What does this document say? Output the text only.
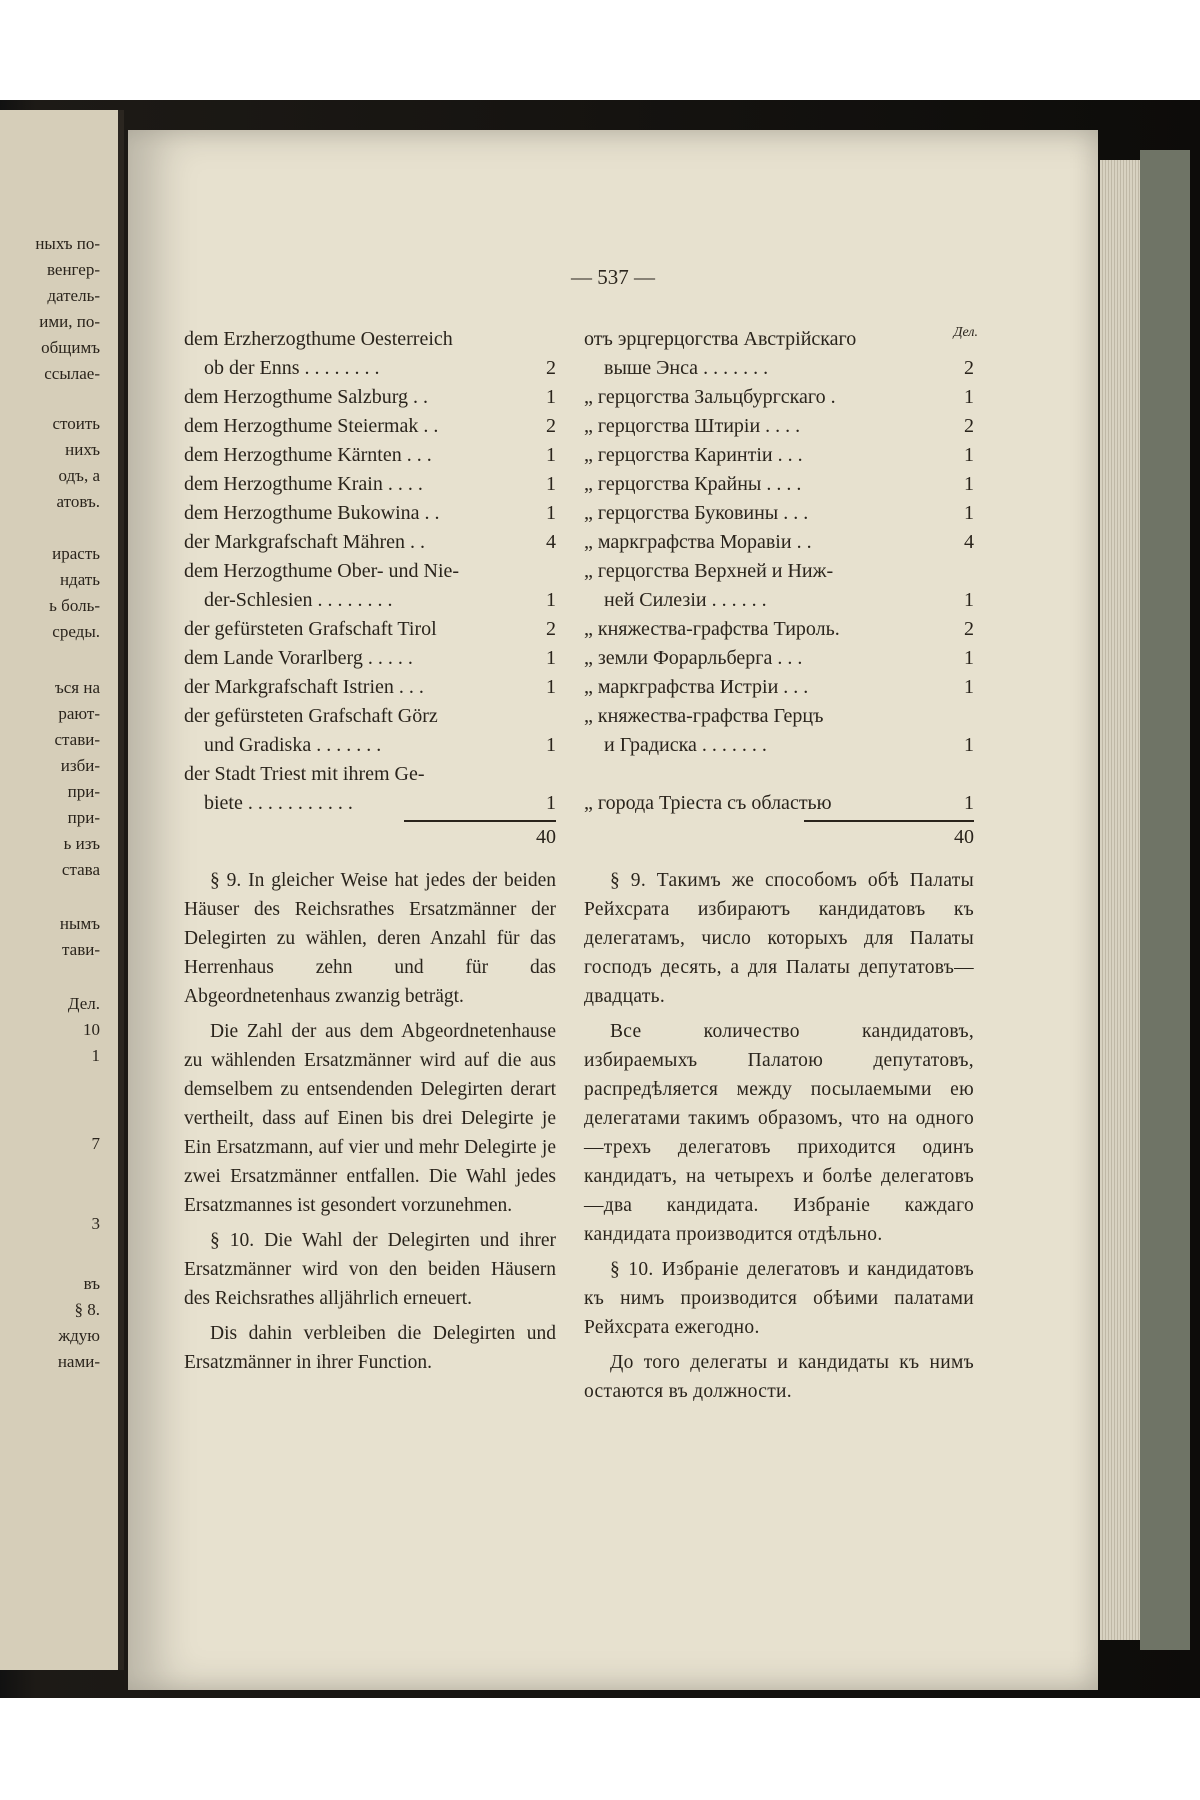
ныхъ по-
венгер-
датель-
ими, по-
общимъ
ссылае-
стоить
нихъ
одъ, а
атовъ.
ирасть
ндать
ь боль-
среды.
ъся на
рают-
стави-
изби-
при-
при-
ь изъ
става
нымъ
тави-
Дел.
10
1
7
3
въ
§ 8.
ждую
нами-
— 537 —
dem Erzherzogthume Oesterreich
ob der Enns . . . . . . . .	2
dem Herzogthume Salzburg . .	1
dem Herzogthume Steiermak . .	2
dem Herzogthume Kärnten . . .	1
dem Herzogthume Krain . . . .	1
dem Herzogthume Bukowina . .	1
der Markgrafschaft Mähren . .	4
dem Herzogthume Ober- und Nie-
der-Schlesien . . . . . . . .	1
der gefürsteten Grafschaft Tirol	2
dem Lande Vorarlberg . . . . .	1
der Markgrafschaft Istrien . . .	1
der gefürsteten Grafschaft Görz
und Gradiska . . . . . . .	1
der Stadt Triest mit ihrem Ge-
biete . . . . . . . . . . .	1
40

§ 9. In gleicher Weise hat jedes der beiden Häuser des Reichsrathes Ersatzmänner der Delegirten zu wählen, deren Anzahl für das Herrenhaus zehn und für das Abgeordnetenhaus zwanzig beträgt.

Die Zahl der aus dem Abgeordnetenhause zu wählenden Ersatzmänner wird auf die aus demselbem zu entsendenden Delegirten derart vertheilt, dass auf Einen bis drei Delegirte je Ein Ersatzmann, auf vier und mehr Delegirte je zwei Ersatzmänner entfallen. Die Wahl jedes Ersatzmannes ist gesondert vorzunehmen.

§ 10. Die Wahl der Delegirten und ihrer Ersatzmänner wird von den beiden Häusern des Reichsrathes alljährlich erneuert.

Dis dahin verbleiben die Delegirten und Ersatzmänner in ihrer Function.

Дел.
отъ эрцгерцогства Австрійскаго
выше Энса . . . . . . .	2
„ герцогства Зальцбургскаго .	1
„ герцогства Штиріи . . . .	2
„ герцогства Каринтіи . . .	1
„ герцогства Крайны . . . .	1
„ герцогства Буковины . . .	1
„ маркграфства Моравіи . .	4
„ герцогства Верхней и Ниж-
ней Силезіи . . . . . .	1
„ княжества-графства Тироль.	2
„ земли Форарльберга . . .	1
„ маркграфства Истріи . . .	1
„ княжества-графства Герцъ
и Градиска . . . . . . .	1
„ города Тріеста съ областью	1
40

§ 9. Такимъ же способомъ обѣ Палаты Рейхсрата избираютъ кандидатовъ къ делегатамъ, число которыхъ для Палаты господъ десять, а для Палаты депутатовъ—двадцать.

Все количество кандидатовъ, избираемыхъ Палатою депутатовъ, распредѣляется между посылаемыми ею делегатами такимъ образомъ, что на одного—трехъ делегатовъ приходится одинъ кандидатъ, на четырехъ и болѣе делегатовъ—два кандидата. Избраніе каждаго кандидата производится отдѣльно.

§ 10. Избраніе делегатовъ и кандидатовъ къ нимъ производится обѣими палатами Рейхсрата ежегодно.

До того делегаты и кандидаты къ нимъ остаются въ должности.
